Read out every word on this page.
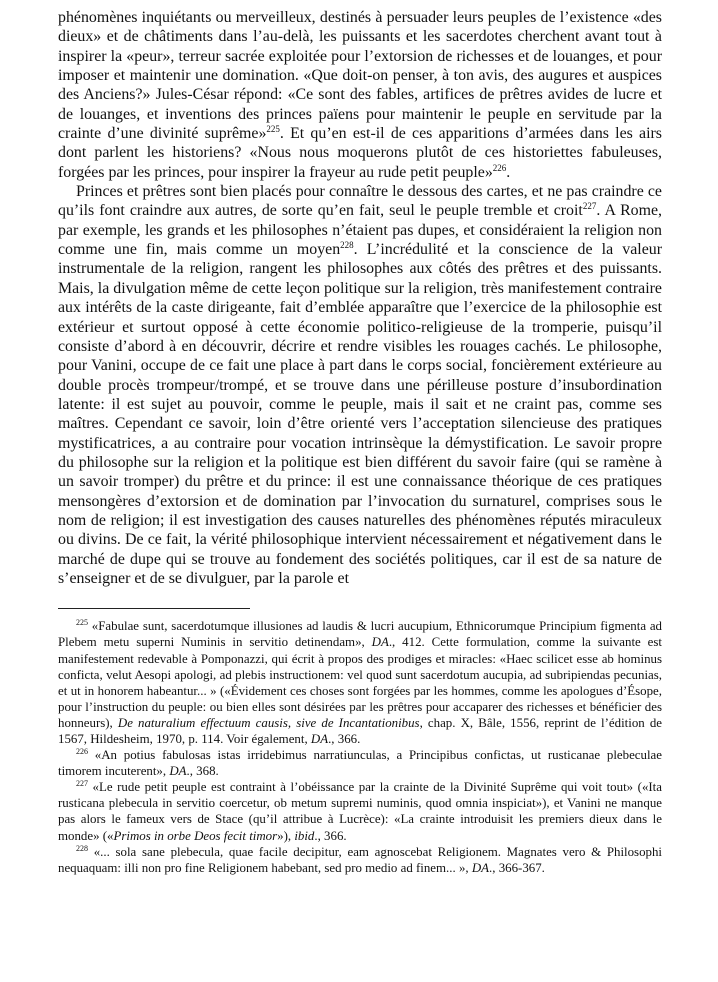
phénomènes inquiétants ou merveilleux, destinés à persuader leurs peuples de l’existence «des dieux» et de châtiments dans l’au-delà, les puissants et les sacerdotes cherchent avant tout à inspirer la «peur», terreur sacrée exploitée pour l’extorsion de richesses et de louanges, et pour imposer et maintenir une domination. «Que doit-on penser, à ton avis, des augures et auspices des Anciens?» Jules-César répond: «Ce sont des fables, artifices de prêtres avides de lucre et de louanges, et inventions des princes païens pour maintenir le peuple en servitude par la crainte d’une divinité suprême»$^{225}$. Et qu’en est-il de ces apparitions d’armées dans les airs dont parlent les historiens? «Nous nous moquerons plutôt de ces historiettes fabuleuses, forgées par les princes, pour inspirer la frayeur au rude petit peuple»$^{226}$.

Princes et prêtres sont bien placés pour connaître le dessous des cartes, et ne pas craindre ce qu’ils font craindre aux autres, de sorte qu’en fait, seul le peuple tremble et croit$^{227}$. A Rome, par exemple, les grands et les philosophes n’étaient pas dupes, et considéraient la religion non comme une fin, mais comme un moyen$^{228}$. L’incrédulité et la conscience de la valeur instrumentale de la religion, rangent les philosophes aux côtés des prêtres et des puissants. Mais, la divulgation même de cette leçon politique sur la religion, très manifestement contraire aux intérêts de la caste dirigeante, fait d’emblée apparaître que l’exercice de la philosophie est extérieur et surtout opposé à cette économie politico-religieuse de la tromperie, puisqu’il consiste d’abord à en découvrir, décrire et rendre visibles les rouages cachés. Le philosophe, pour Vanini, occupe de ce fait une place à part dans le corps social, foncièrement extérieure au double procès trompeur/trompé, et se trouve dans une périlleuse posture d’insubordination latente: il est sujet au pouvoir, comme le peuple, mais il sait et ne craint pas, comme ses maîtres. Cependant ce savoir, loin d’être orienté vers l’acceptation silencieuse des pratiques mystificatrices, a au contraire pour vocation intrinsèque la démystification. Le savoir propre du philosophe sur la religion et la politique est bien différent du savoir faire (qui se ramène à un savoir tromper) du prêtre et du prince: il est une connaissance théorique de ces pratiques mensongères d’extorsion et de domination par l’invocation du surnaturel, comprises sous le nom de religion; il est investigation des causes naturelles des phénomènes réputés miraculeux ou divins. De ce fait, la vérité philosophique intervient nécessairement et négativement dans le marché de dupe qui se trouve au fondement des sociétés politiques, car il est de sa nature de s’enseigner et de se divulguer, par la parole et

$^{225}$ «Fabulae sunt, sacerdotumque illusiones ad laudis & lucri aucupium, Ethnicorumque Principium figmenta ad Plebem metu superni Numinis in servitio detinendam», DA., 412. Cette formulation, comme la suivante est manifestement redevable à Pomponazzi, qui écrit à propos des prodiges et miracles: «Haec scilicet esse ab hominus conficta, velut Aesopi apologi, ad plebis instructionem: vel quod sunt sacerdotum aucupia, ad subripiendas pecunias, et ut in honorem habeantur... » («Évidement ces choses sont forgées par les hommes, comme les apologues d’Ésope, pour l’instruction du peuple: ou bien elles sont désirées par les prêtres pour accaparer des richesses et bénéficier des honneurs), De naturalium effectuum causis, sive de Incantationibus, chap. X, Bâle, 1556, reprint de l’édition de 1567, Hildesheim, 1970, p. 114. Voir également, DA., 366.

$^{226}$ «An potius fabulosas istas irridebimus narratiunculas, a Principibus confictas, ut rusticanae plebeculae timorem incuterent», DA., 368.

$^{227}$ «Le rude petit peuple est contraint à l’obéissance par la crainte de la Divinité Suprême qui voit tout» («Ita rusticana plebecula in servitio coercetur, ob metum supremi numinis, quod omnia inspiciat»), et Vanini ne manque pas alors le fameux vers de Stace (qu’il attribue à Lucrèce): «La crainte introduisit les premiers dieux dans le monde» («Primos in orbe Deos fecit timor»), ibid., 366.

$^{228}$ «... sola sane plebecula, quae facile decipitur, eam agnoscebat Religionem. Magnates vero & Philosophi nequaquam: illi non pro fine Religionem habebant, sed pro medio ad finem... », DA., 366-367.
